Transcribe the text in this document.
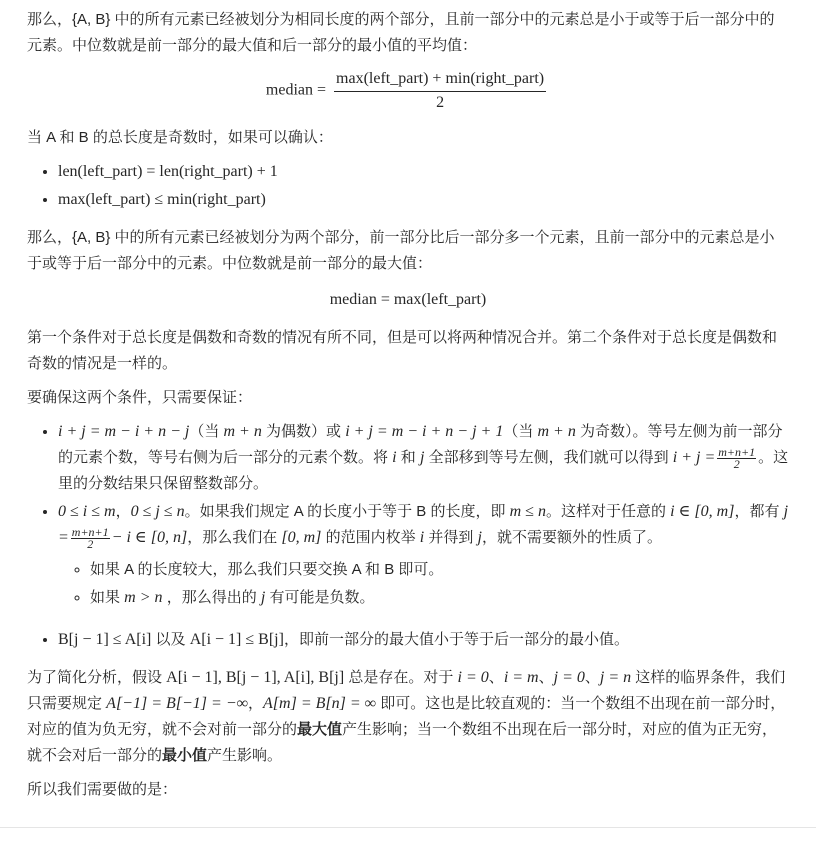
那么，{A, B} 中的所有元素已经被划分为相同长度的两个部分，且前一部分中的元素总是小于或等于后一部分中的元素。中位数就是前一部分的最大值和后一部分的最小值的平均值：

median = $\frac{\text{max(left\_part) + min(right\_part)}}{2}$

当 A 和 B 的总长度是奇数时，如果可以确认：

• len(left_part) = len(right_part) + 1
• max(left_part) ≤ min(right_part)

那么，{A, B} 中的所有元素已经被划分为两个部分，前一部分比后一部分多一个元素，且前一部分中的元素总是小于或等于后一部分中的元素。中位数就是前一部分的最大值：

median = max(left_part)

第一个条件对于总长度是偶数和奇数的情况有所不同，但是可以将两种情况合并。第二个条件对于总长度是偶数和奇数的情况是一样的。

要确保这两个条件，只需要保证：

• i + j = m − i + n − j（当 m + n 为偶数）或 i + j = m − i + n − j + 1（当 m + n 为奇数）。等号左侧为前一部分的元素个数，等号右侧为后一部分的元素个数。将 i 和 j 全部移到等号左侧，我们就可以得到 $i + j = \frac{m+n+1}{2}$ 。这里的分数结果只保留整数部分。
• 0 ≤ i ≤ m，0 ≤ j ≤ n。如果我们规定 A 的长度小于等于 B 的长度，即 m ≤ n。这样对于任意的 i ∈ [0, m]，都有 $j = \frac{m+n+1}{2} - i$ ∈ [0, n]，那么我们在 [0, m] 的范围内枚举 i 并得到 j，就不需要额外的性质了。
◦ 如果 A 的长度较大，那么我们只要交换 A 和 B 即可。
◦ 如果 m > n ，那么得出的 j 有可能是负数。
• B[j − 1] ≤ A[i] 以及 A[i − 1] ≤ B[j]，即前一部分的最大值小于等于后一部分的最小值。

为了简化分析，假设 A[i − 1], B[j − 1], A[i], B[j] 总是存在。对于 i = 0、i = m、j = 0、j = n 这样的临界条件，我们只需要规定 A[−1] = B[−1] = −∞，A[m] = B[n] = ∞ 即可。这也是比较直观的：当一个数组不出现在前一部分时，对应的值为负无穷，就不会对前一部分的最大值产生影响；当一个数组不出现在后一部分时，对应的值为正无穷，就不会对后一部分的最小值产生影响。

所以我们需要做的是：
